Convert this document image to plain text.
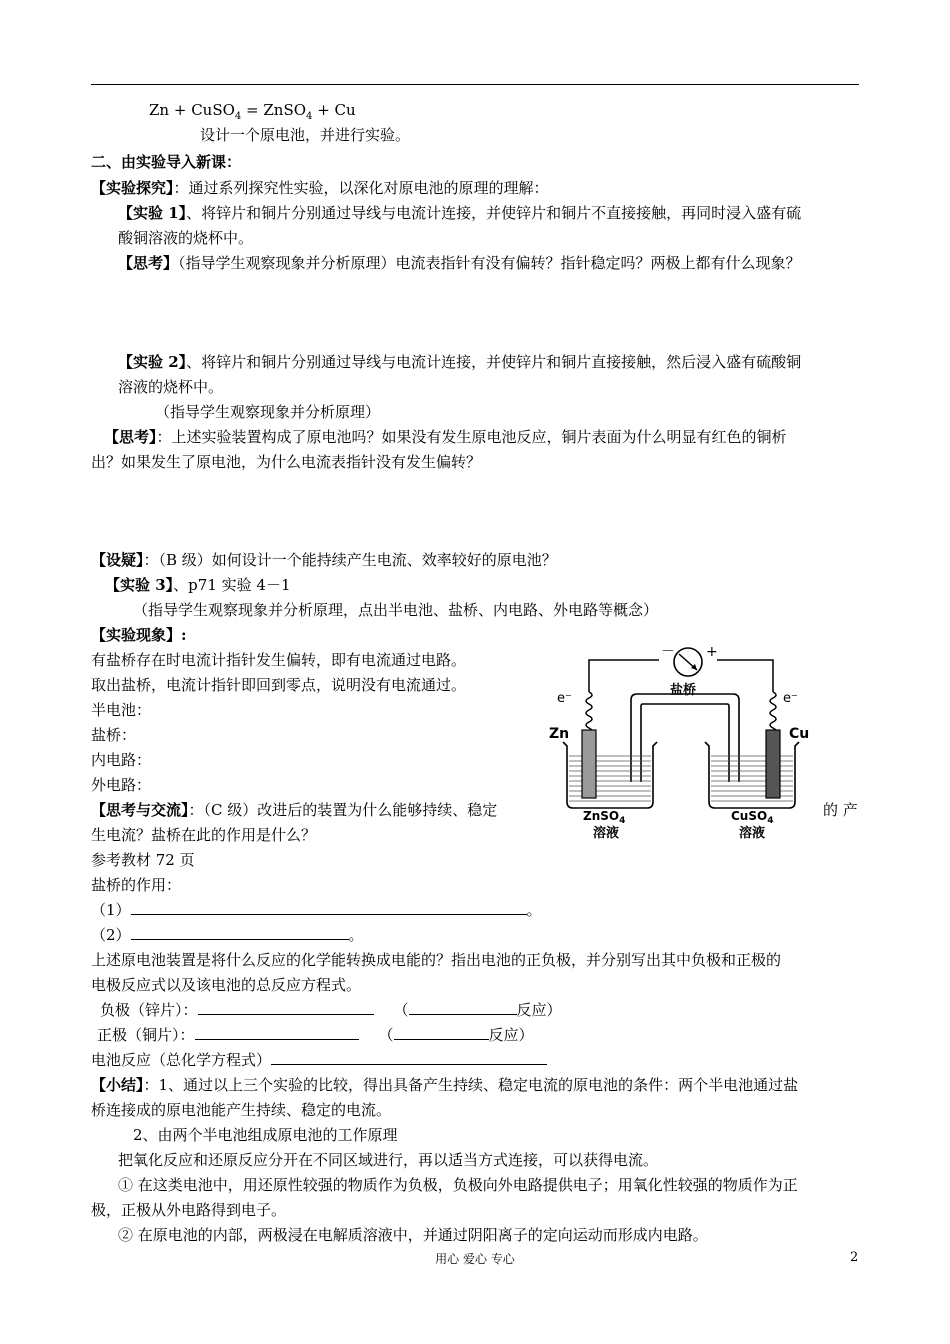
Zn + CuSO$_4$ = ZnSO$_4$ + Cu
设计一个原电池，并进行实验。
二、由实验导入新课：
【实验探究】：通过系列探究性实验，以深化对原电池的原理的理解：
【实验 1】、将锌片和铜片分别通过导线与电流计连接，并使锌片和铜片不直接接触，再同时浸入盛有硫
酸铜溶液的烧杯中。
【思考】（指导学生观察现象并分析原理）电流表指针有没有偏转？指针稳定吗？两极上都有什么现象？
【实验 2】、将锌片和铜片分别通过导线与电流计连接，并使锌片和铜片直接接触，然后浸入盛有硫酸铜
溶液的烧杯中。
（指导学生观察现象并分析原理）
【思考】：上述实验装置构成了原电池吗？如果没有发生原电池反应，铜片表面为什么明显有红色的铜析
出？如果发生了原电池，为什么电流表指针没有发生偏转？
【设疑】：（B 级）如何设计一个能持续产生电流、效率较好的原电池？
【实验 3】、p71 实验 4－1
（指导学生观察现象并分析原理，点出半电池、盐桥、内电路、外电路等概念）
【实验现象】:
有盐桥存在时电流计指针发生偏转，即有电流通过电路。
取出盐桥，电流计指针即回到零点，说明没有电流通过。
半电池：
盐桥：
内电路：
外电路：
【思考与交流】：（C 级）改进后的装置为什么能够持续、稳定	的 产
生电流？盐桥在此的作用是什么？
参考教材 72 页
－ +
e⁻	e⁻
盐桥
Zn	Cu
ZnSO$_4$
溶液
CuSO$_4$
溶液
盐桥的作用：
（1）	。
（2）	。
上述原电池装置是将什么反应的化学能转换成电能的？指出电池的正负极，并分别写出其中负极和正极的
电极反应式以及该电池的总反应方程式。
负极（锌片）：	（	反应）
正极（铜片）：	（	反应）
电池反应（总化学方程式）
【小结】：1、通过以上三个实验的比较，得出具备产生持续、稳定电流的原电池的条件：两个半电池通过盐
桥连接成的原电池能产生持续、稳定的电流。
2、由两个半电池组成原电池的工作原理
把氧化反应和还原反应分开在不同区域进行，再以适当方式连接，可以获得电流。
① 在这类电池中，用还原性较强的物质作为负极，负极向外电路提供电子；用氧化性较强的物质作为正
极，正极从外电路得到电子。
② 在原电池的内部，两极浸在电解质溶液中，并通过阴阳离子的定向运动而形成内电路。
用心 爱心 专心	2
